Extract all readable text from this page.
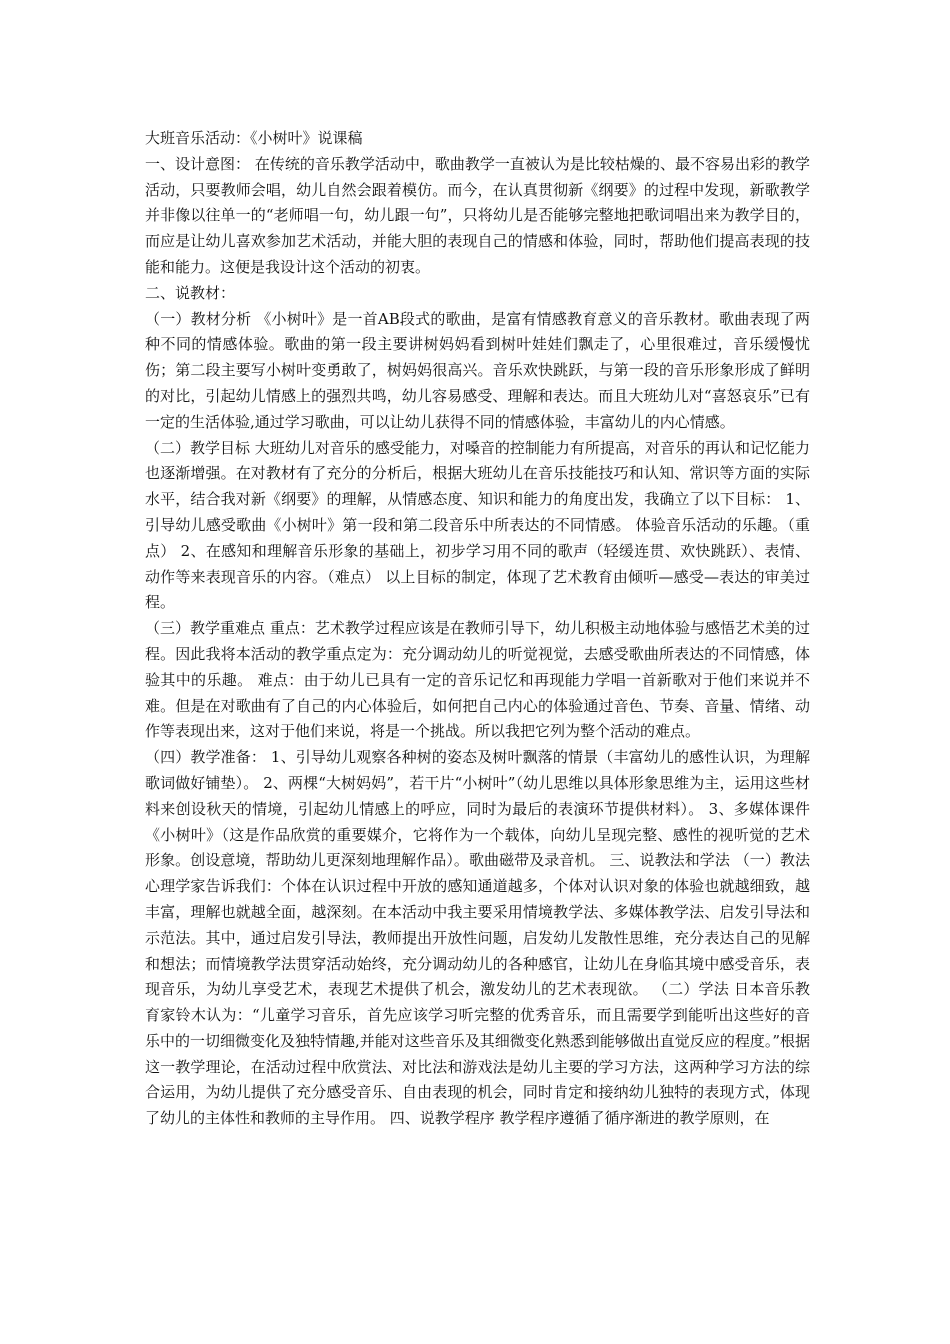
大班音乐活动：《小树叶》说课稿

一、设计意图： 在传统的音乐教学活动中，歌曲教学一直被认为是比较枯燥的、最不容易出彩的教学活动，只要教师会唱，幼儿自然会跟着模仿。而今，在认真贯彻新《纲要》的过程中发现，新歌教学并非像以往单一的“老师唱一句，幼儿跟一句”，只将幼儿是否能够完整地把歌词唱出来为教学目的，而应是让幼儿喜欢参加艺术活动，并能大胆的表现自己的情感和体验，同时，帮助他们提高表现的技能和能力。这便是我设计这个活动的初衷。

二、说教材：

（一）教材分析 《小树叶》是一首AB段式的歌曲，是富有情感教育意义的音乐教材。歌曲表现了两种不同的情感体验。歌曲的第一段主要讲树妈妈看到树叶娃娃们飘走了，心里很难过，音乐缓慢忧伤；第二段主要写小树叶变勇敢了，树妈妈很高兴。音乐欢快跳跃，与第一段的音乐形象形成了鲜明的对比，引起幼儿情感上的强烈共鸣，幼儿容易感受、理解和表达。而且大班幼儿对“喜怒哀乐”已有一定的生活体验,通过学习歌曲，可以让幼儿获得不同的情感体验，丰富幼儿的内心情感。

（二）教学目标 大班幼儿对音乐的感受能力，对嗓音的控制能力有所提高，对音乐的再认和记忆能力也逐渐增强。在对教材有了充分的分析后，根据大班幼儿在音乐技能技巧和认知、常识等方面的实际水平，结合我对新《纲要》的理解，从情感态度、知识和能力的角度出发，我确立了以下目标： 1、引导幼儿感受歌曲《小树叶》第一段和第二段音乐中所表达的不同情感。 体验音乐活动的乐趣。（重点） 2、在感知和理解音乐形象的基础上，初步学习用不同的歌声（轻缓连贯、欢快跳跃）、表情、动作等来表现音乐的内容。（难点） 以上目标的制定，体现了艺术教育由倾听—感受—表达的审美过程。

（三）教学重难点 重点：艺术教学过程应该是在教师引导下，幼儿积极主动地体验与感悟艺术美的过程。因此我将本活动的教学重点定为：充分调动幼儿的听觉视觉，去感受歌曲所表达的不同情感，体验其中的乐趣。 难点：由于幼儿已具有一定的音乐记忆和再现能力学唱一首新歌对于他们来说并不难。但是在对歌曲有了自己的内心体验后，如何把自己内心的体验通过音色、节奏、音量、情绪、动作等表现出来，这对于他们来说，将是一个挑战。所以我把它列为整个活动的难点。

（四）教学准备： 1、引导幼儿观察各种树的姿态及树叶飘落的情景（丰富幼儿的感性认识，为理解歌词做好铺垫）。 2、两棵“大树妈妈”，若干片“小树叶”（幼儿思维以具体形象思维为主，运用这些材料来创设秋天的情境，引起幼儿情感上的呼应，同时为最后的表演环节提供材料）。 3、多媒体课件《小树叶》（这是作品欣赏的重要媒介，它将作为一个载体，向幼儿呈现完整、感性的视听觉的艺术形象。创设意境，帮助幼儿更深刻地理解作品）。歌曲磁带及录音机。 三、说教法和学法 （一）教法 心理学家告诉我们：个体在认识过程中开放的感知通道越多，个体对认识对象的体验也就越细致，越丰富，理解也就越全面，越深刻。在本活动中我主要采用情境教学法、多媒体教学法、启发引导法和示范法。其中，通过启发引导法，教师提出开放性问题，启发幼儿发散性思维，充分表达自己的见解和想法；而情境教学法贯穿活动始终，充分调动幼儿的各种感官，让幼儿在身临其境中感受音乐，表现音乐，为幼儿享受艺术，表现艺术提供了机会，激发幼儿的艺术表现欲。 （二）学法 日本音乐教育家铃木认为：“儿童学习音乐，首先应该学习听完整的优秀音乐，而且需要学到能听出这些好的音乐中的一切细微变化及独特情趣,并能对这些音乐及其细微变化熟悉到能够做出直觉反应的程度。”根据这一教学理论，在活动过程中欣赏法、对比法和游戏法是幼儿主要的学习方法，这两种学习方法的综合运用，为幼儿提供了充分感受音乐、自由表现的机会，同时肯定和接纳幼儿独特的表现方式，体现了幼儿的主体性和教师的主导作用。 四、说教学程序 教学程序遵循了循序渐进的教学原则，在
